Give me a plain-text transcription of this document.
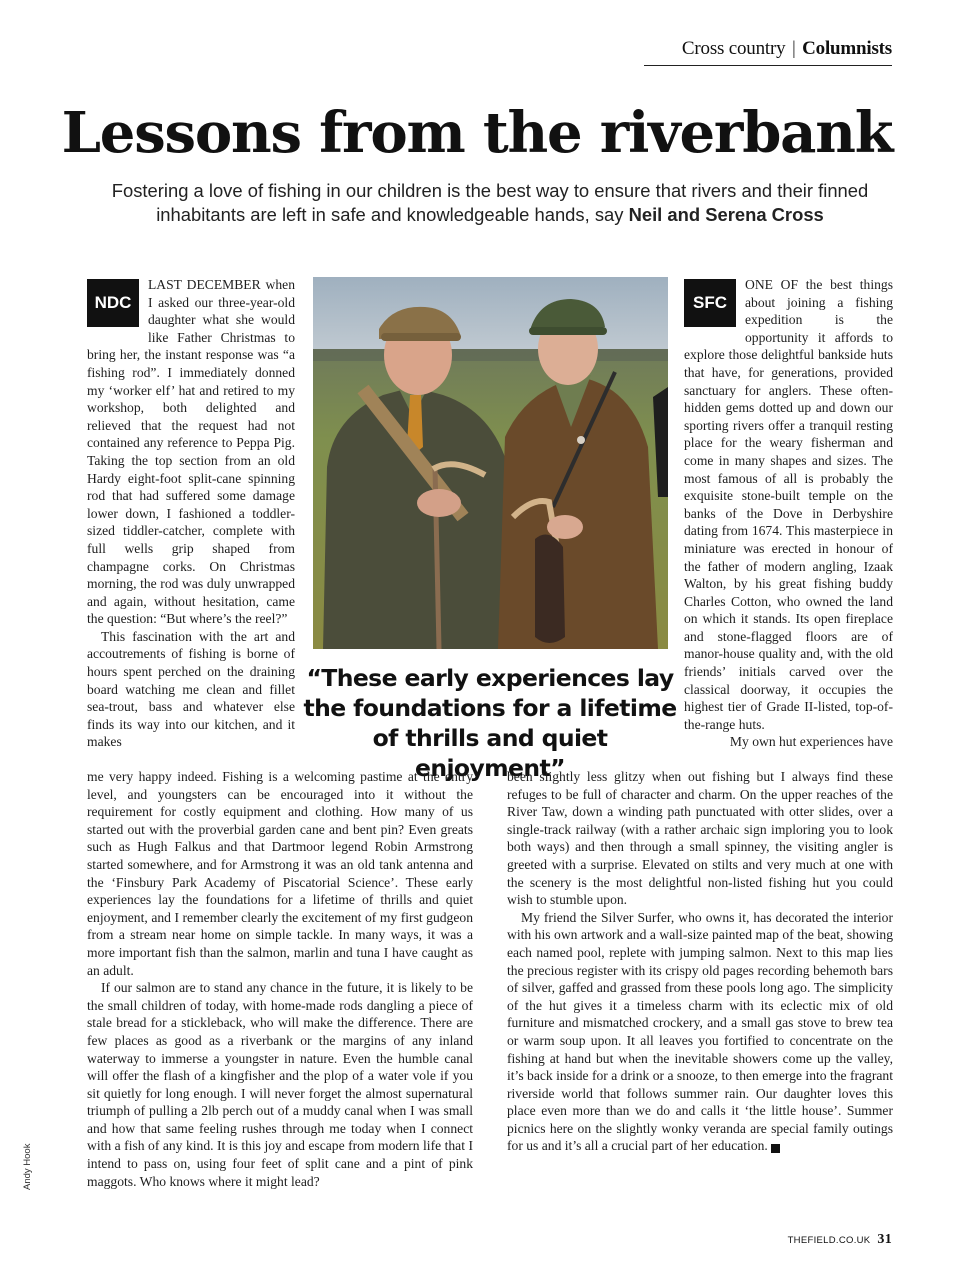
Cross country | Columnists
Lessons from the riverbank
Fostering a love of fishing in our children is the best way to ensure that rivers and their finned inhabitants are left in safe and knowledgeable hands, say Neil and Serena Cross
NDC

LAST DECEMBER when I asked our three-year-old daughter what she would like Father Christmas to bring her, the instant response was “a fishing rod”. I immediately donned my ‘worker elf’ hat and retired to my workshop, both delighted and relieved that the request had not contained any reference to Peppa Pig. Taking the top section from an old Hardy eight-foot split-cane spinning rod that had suffered some damage lower down, I fashioned a toddler-sized tiddler-catcher, complete with full wells grip shaped from champagne corks. On Christmas morning, the rod was duly unwrapped and again, without hesitation, came the question: “But where’s the reel?”

This fascination with the art and accoutrements of fishing is borne of hours spent perched on the draining board watching me clean and fillet sea-trout, bass and whatever else finds its way into our kitchen, and it makes

“These early experiences lay the foundations for a lifetime of thrills and quiet enjoyment”
SFC

ONE OF the best things about joining a fishing expedition is the opportunity it affords to explore those delightful bankside huts that have, for generations, provided sanctuary for anglers. These often-hidden gems dotted up and down our sporting rivers offer a tranquil resting place for the weary fisherman and come in many shapes and sizes. The most famous of all is probably the exquisite stone-built temple on the banks of the Dove in Derbyshire dating from 1674. This masterpiece in miniature was erected in honour of the father of modern angling, Izaak Walton, by his great fishing buddy Charles Cotton, who owned the land on which it stands. Its open fireplace and stone-flagged floors are of manor-house quality and, with the old friends’ initials carved over the classical doorway, it occupies the highest tier of Grade II-listed, top-of-the-range huts.

My own hut experiences have

me very happy indeed. Fishing is a welcoming pastime at the entry level, and youngsters can be encouraged into it without the requirement for costly equipment and clothing. How many of us started out with the proverbial garden cane and bent pin? Even greats such as Hugh Falkus and that Dartmoor legend Robin Armstrong started somewhere, and for Armstrong it was an old tank antenna and the ‘Finsbury Park Academy of Piscatorial Science’. These early experiences lay the foundations for a lifetime of thrills and quiet enjoyment, and I remember clearly the excitement of my first gudgeon from a stream near home on simple tackle. In many ways, it was a more important fish than the salmon, marlin and tuna I have caught as an adult.

If our salmon are to stand any chance in the future, it is likely to be the small children of today, with home-made rods dangling a piece of stale bread for a stickleback, who will make the difference. There are few places as good as a riverbank or the margins of any inland waterway to immerse a youngster in nature. Even the humble canal will offer the flash of a kingfisher and the plop of a water vole if you sit quietly for long enough. I will never forget the almost supernatural triumph of pulling a 2lb perch out of a muddy canal when I was small and how that same feeling rushes through me today when I connect with a fish of any kind. It is this joy and escape from modern life that I intend to pass on, using four feet of split cane and a pint of pink maggots. Who knows where it might lead?

been slightly less glitzy when out fishing but I always find these refuges to be full of character and charm. On the upper reaches of the River Taw, down a winding path punctuated with otter slides, over a single-track railway (with a rather archaic sign imploring you to look both ways) and then through a small spinney, the visiting angler is greeted with a surprise. Elevated on stilts and very much at one with the scenery is the most delightful non-listed fishing hut you could wish to stumble upon.

My friend the Silver Surfer, who owns it, has decorated the interior with his own artwork and a wall-size painted map of the beat, showing each named pool, replete with jumping salmon. Next to this map lies the precious register with its crispy old pages recording behemoth bars of silver, gaffed and grassed from these pools long ago. The simplicity of the hut gives it a timeless charm with its eclectic mix of old furniture and mismatched crockery, and a small gas stove to brew tea or warm soup upon. It all leaves you fortified to concentrate on the fishing at hand but when the inevitable showers come up the valley, it’s back inside for a drink or a snooze, to then emerge into the fragrant riverside world that follows summer rain. Our daughter loves this place even more than we do and calls it ‘the little house’. Summer picnics here on the slightly wonky veranda are special family outings for us and it’s all a crucial part of her education. F

Andy Hook
THEFIELD.CO.UK 31
